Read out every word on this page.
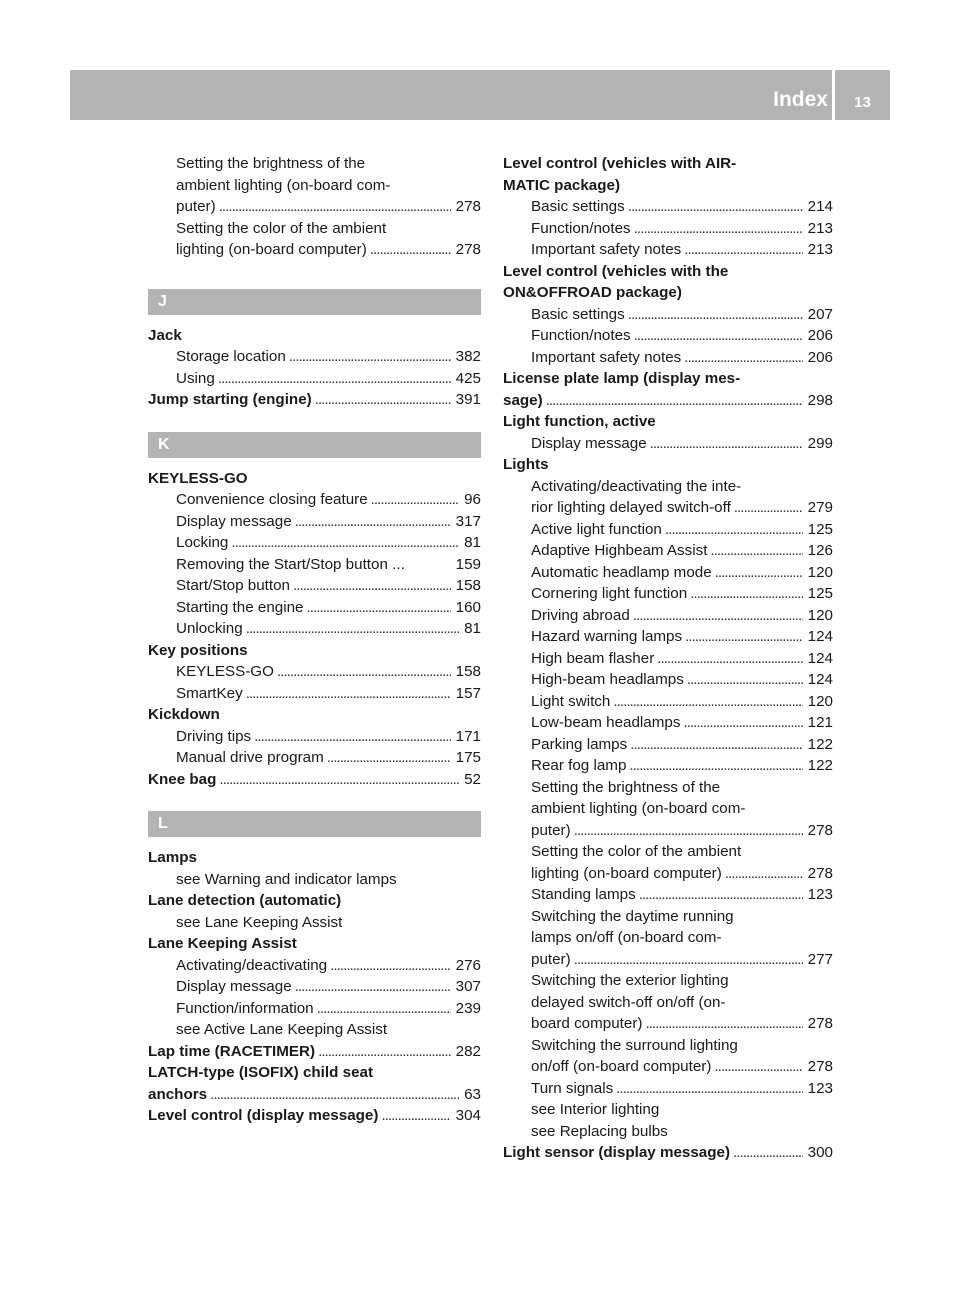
Index	13
Setting the brightness of the
ambient lighting (on-board com-
puter) . . .	278
Setting the color of the ambient
lighting (on-board computer) . . .	278
J
Jack
Storage location . . .	382
Using . . .	425
Jump starting (engine) . . .	391
K
KEYLESS-GO
Convenience closing feature . . .	96
Display message . . .	317
Locking . . .	81
Removing the Start/Stop button ...	159
Start/Stop button . . .	158
Starting the engine . . .	160
Unlocking . . .	81
Key positions
KEYLESS-GO . . .	158
SmartKey . . .	157
Kickdown
Driving tips . . .	171
Manual drive program . . .	175
Knee bag . . .	52
L
Lamps
see Warning and indicator lamps
Lane detection (automatic)
see Lane Keeping Assist
Lane Keeping Assist
Activating/deactivating . . .	276
Display message . . .	307
Function/information . . .	239
see Active Lane Keeping Assist
Lap time (RACETIMER) . . .	282
LATCH-type (ISOFIX) child seat
anchors . . .	63
Level control (display message) . . .	304
Level control (vehicles with AIR-
MATIC package)
Basic settings . . .	214
Function/notes . . .	213
Important safety notes . . .	213
Level control (vehicles with the
ON&OFFROAD package)
Basic settings . . .	207
Function/notes . . .	206
Important safety notes . . .	206
License plate lamp (display mes-
sage) . . .	298
Light function, active
Display message . . .	299
Lights
Activating/deactivating the inte-
rior lighting delayed switch-off . . .	279
Active light function . . .	125
Adaptive Highbeam Assist . . .	126
Automatic headlamp mode . . .	120
Cornering light function . . .	125
Driving abroad . . .	120
Hazard warning lamps . . .	124
High beam flasher . . .	124
High-beam headlamps . . .	124
Light switch . . .	120
Low-beam headlamps . . .	121
Parking lamps . . .	122
Rear fog lamp . . .	122
Setting the brightness of the
ambient lighting (on-board com-
puter) . . .	278
Setting the color of the ambient
lighting (on-board computer) . . .	278
Standing lamps . . .	123
Switching the daytime running
lamps on/off (on-board com-
puter) . . .	277
Switching the exterior lighting
delayed switch-off on/off (on-
board computer) . . .	278
Switching the surround lighting
on/off (on-board computer) . . .	278
Turn signals . . .	123
see Interior lighting
see Replacing bulbs
Light sensor (display message) . . .	300
